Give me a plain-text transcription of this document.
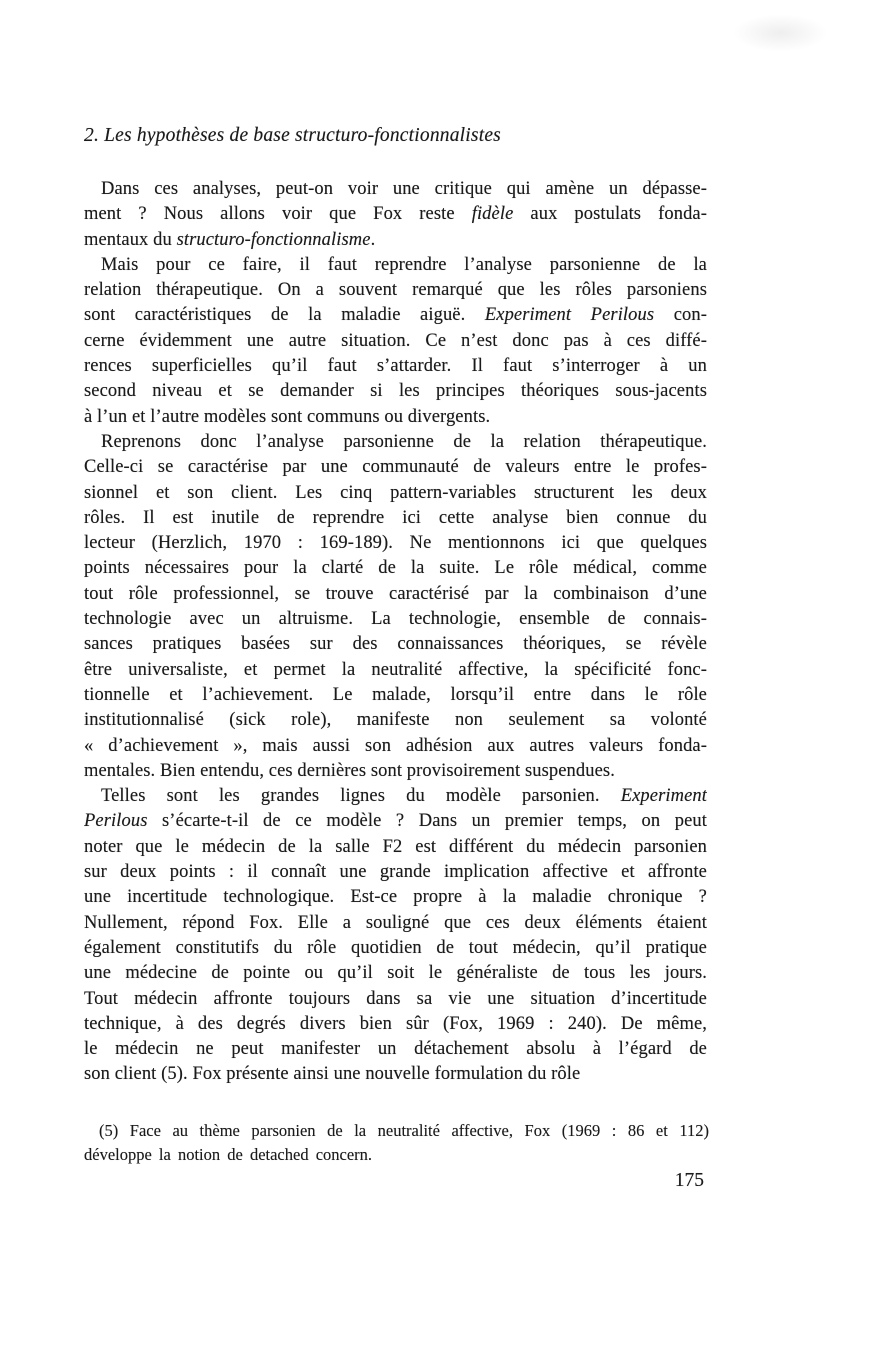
2. Les hypothèses de base structuro-fonctionnalistes
Dans ces analyses, peut-on voir une critique qui amène un dépasse-
ment ? Nous allons voir que Fox reste fidèle aux postulats fonda-
mentaux du structuro-fonctionnalisme.
Mais pour ce faire, il faut reprendre l’analyse parsonienne de la
relation thérapeutique. On a souvent remarqué que les rôles parsoniens
sont caractéristiques de la maladie aiguë. Experiment Perilous con-
cerne évidemment une autre situation. Ce n’est donc pas à ces diffé-
rences superficielles qu’il faut s’attarder. Il faut s’interroger à un
second niveau et se demander si les principes théoriques sous-jacents
à l’un et l’autre modèles sont communs ou divergents.
Reprenons donc l’analyse parsonienne de la relation thérapeutique.
Celle-ci se caractérise par une communauté de valeurs entre le profes-
sionnel et son client. Les cinq pattern-variables structurent les deux
rôles. Il est inutile de reprendre ici cette analyse bien connue du
lecteur (Herzlich, 1970 : 169-189). Ne mentionnons ici que quelques
points nécessaires pour la clarté de la suite. Le rôle médical, comme
tout rôle professionnel, se trouve caractérisé par la combinaison d’une
technologie avec un altruisme. La technologie, ensemble de connais-
sances pratiques basées sur des connaissances théoriques, se révèle
être universaliste, et permet la neutralité affective, la spécificité fonc-
tionnelle et l’achievement. Le malade, lorsqu’il entre dans le rôle
institutionnalisé (sick role), manifeste non seulement sa volonté
« d’achievement », mais aussi son adhésion aux autres valeurs fonda-
mentales. Bien entendu, ces dernières sont provisoirement suspendues.
Telles sont les grandes lignes du modèle parsonien. Experiment
Perilous s’écarte-t-il de ce modèle ? Dans un premier temps, on peut
noter que le médecin de la salle F2 est différent du médecin parsonien
sur deux points : il connaît une grande implication affective et affronte
une incertitude technologique. Est-ce propre à la maladie chronique ?
Nullement, répond Fox. Elle a souligné que ces deux éléments étaient
également constitutifs du rôle quotidien de tout médecin, qu’il pratique
une médecine de pointe ou qu’il soit le généraliste de tous les jours.
Tout médecin affronte toujours dans sa vie une situation d’incertitude
technique, à des degrés divers bien sûr (Fox, 1969 : 240). De même,
le médecin ne peut manifester un détachement absolu à l’égard de
son client (5). Fox présente ainsi une nouvelle formulation du rôle
(5) Face au thème parsonien de la neutralité affective, Fox (1969 : 86 et 112)
développe la notion de detached concern.
175
